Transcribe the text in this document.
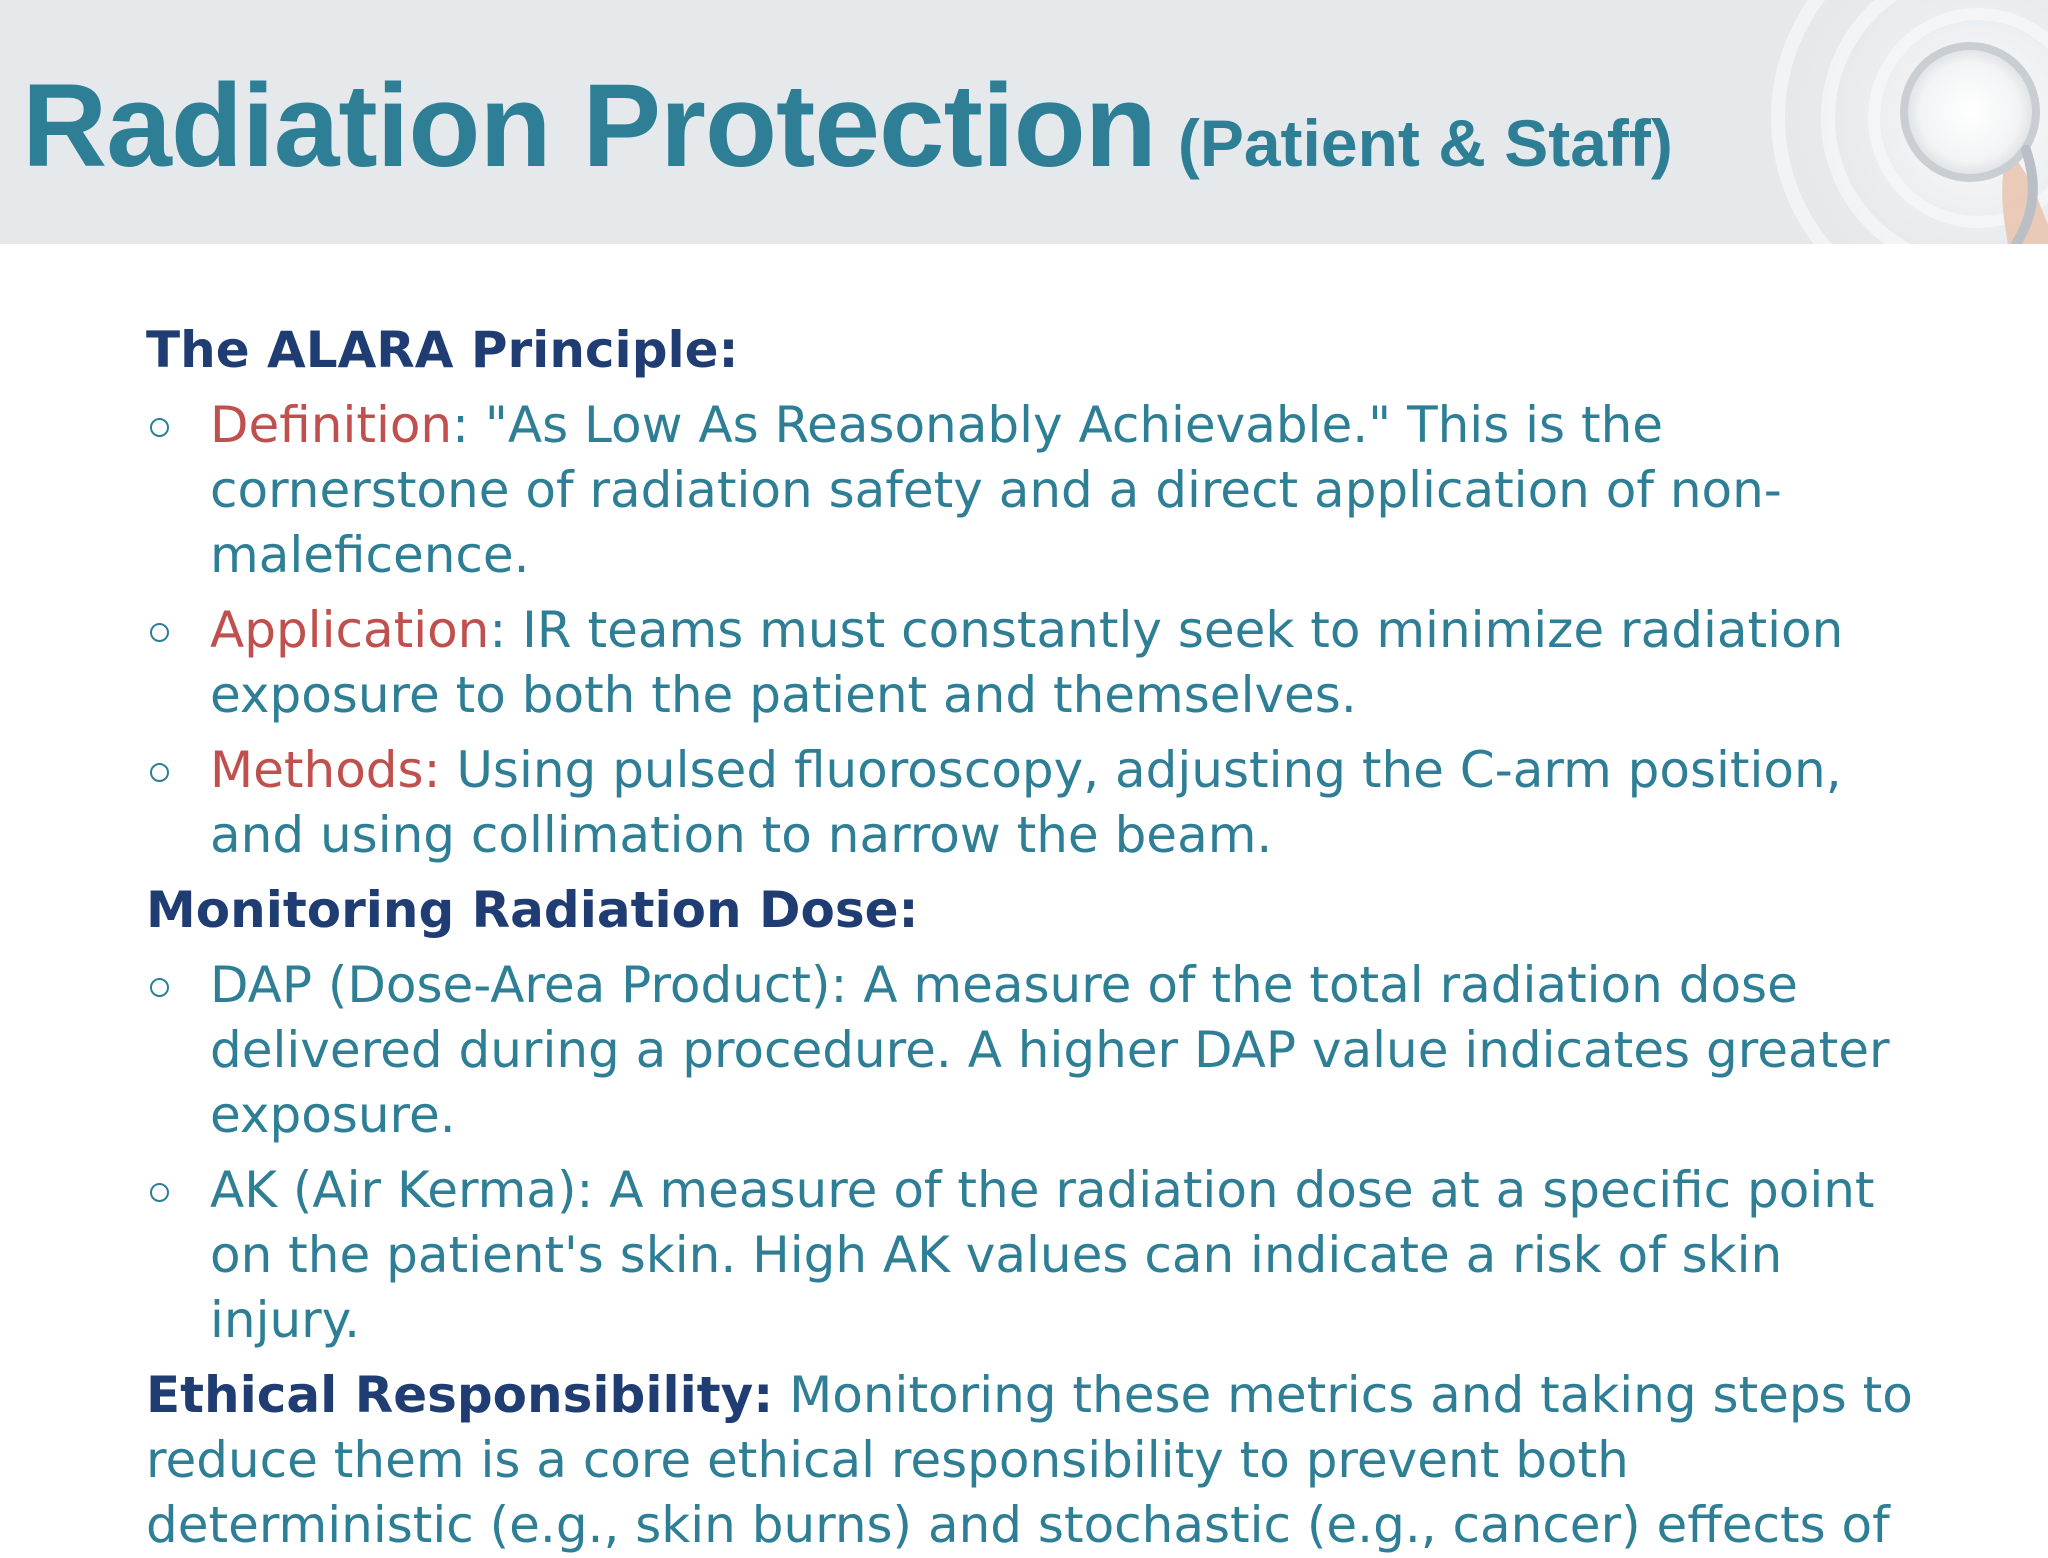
Radiation Protection (Patient & Staff)
The ALARA Principle:
Definition: "As Low As Reasonably Achievable." This is the cornerstone of radiation safety and a direct application of non-maleficence.
Application: IR teams must constantly seek to minimize radiation exposure to both the patient and themselves.
Methods: Using pulsed fluoroscopy, adjusting the C-arm position, and using collimation to narrow the beam.
Monitoring Radiation Dose:
DAP (Dose-Area Product): A measure of the total radiation dose delivered during a procedure. A higher DAP value indicates greater exposure.
AK (Air Kerma): A measure of the radiation dose at a specific point on the patient's skin. High AK values can indicate a risk of skin injury.
Ethical Responsibility: Monitoring these metrics and taking steps to reduce them is a core ethical responsibility to prevent both deterministic (e.g., skin burns) and stochastic (e.g., cancer) effects of
